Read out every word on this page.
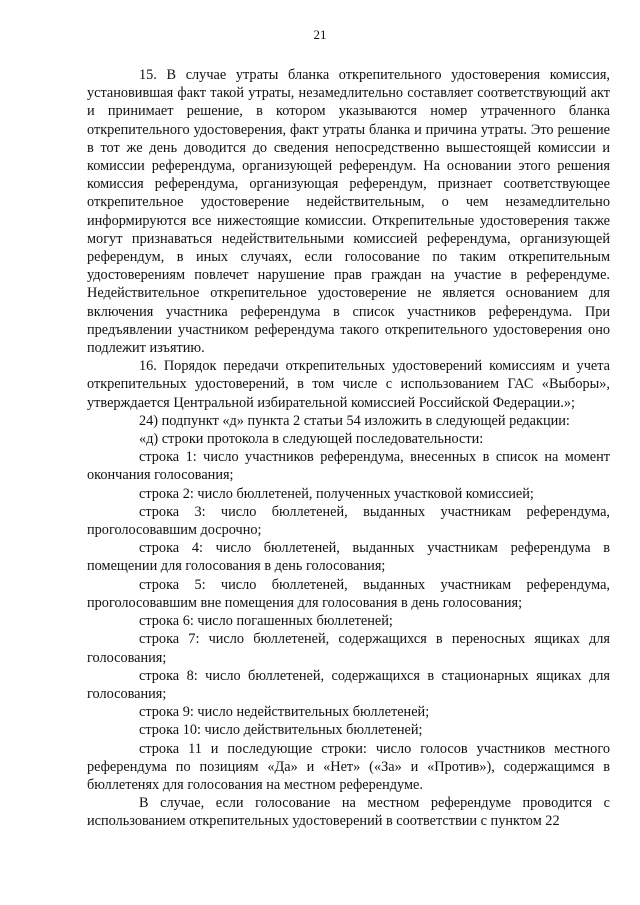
21

15. В случае утраты бланка открепительного удостоверения комиссия, установившая факт такой утраты, незамедлительно составляет соответствующий акт и принимает решение, в котором указываются номер утраченного бланка открепительного удостоверения, факт утраты бланка и причина утраты. Это решение в тот же день доводится до сведения непосредственно вышестоящей комиссии и комиссии референдума, организующей референдум. На основании этого решения комиссия референдума, организующая референдум, признает соответствующее открепительное удостоверение недействительным, о чем незамедлительно информируются все нижестоящие комиссии. Открепительные удостоверения также могут признаваться недействительными комиссией референдума, организующей референдум, в иных случаях, если голосование по таким открепительным удостоверениям повлечет нарушение прав граждан на участие в референдуме. Недействительное открепительное удостоверение не является основанием для включения участника референдума в список участников референдума. При предъявлении участником референдума такого открепительного удостоверения оно подлежит изъятию.

16. Порядок передачи открепительных удостоверений комиссиям и учета открепительных удостоверений, в том числе с использованием ГАС «Выборы», утверждается Центральной избирательной комиссией Российской Федерации.»;

24) подпункт «д» пункта 2 статьи 54 изложить в следующей редакции:

«д) строки протокола в следующей последовательности:

строка 1: число участников референдума, внесенных в список на момент окончания голосования;

строка 2: число бюллетеней, полученных участковой комиссией;

строка 3: число бюллетеней, выданных участникам референдума, проголосовавшим досрочно;

строка 4: число бюллетеней, выданных участникам референдума в помещении для голосования в день голосования;

строка 5: число бюллетеней, выданных участникам референдума, проголосовавшим вне помещения для голосования в день голосования;

строка 6: число погашенных бюллетеней;

строка 7: число бюллетеней, содержащихся в переносных ящиках для голосования;

строка 8: число бюллетеней, содержащихся в стационарных ящиках для голосования;

строка 9: число недействительных бюллетеней;

строка 10: число действительных бюллетеней;

строка 11 и последующие строки: число голосов участников местного референдума по позициям «Да» и «Нет» («За» и «Против»), содержащимся в бюллетенях для голосования на местном референдуме.

В случае, если голосование на местном референдуме проводится с использованием открепительных удостоверений в соответствии с пунктом 22
